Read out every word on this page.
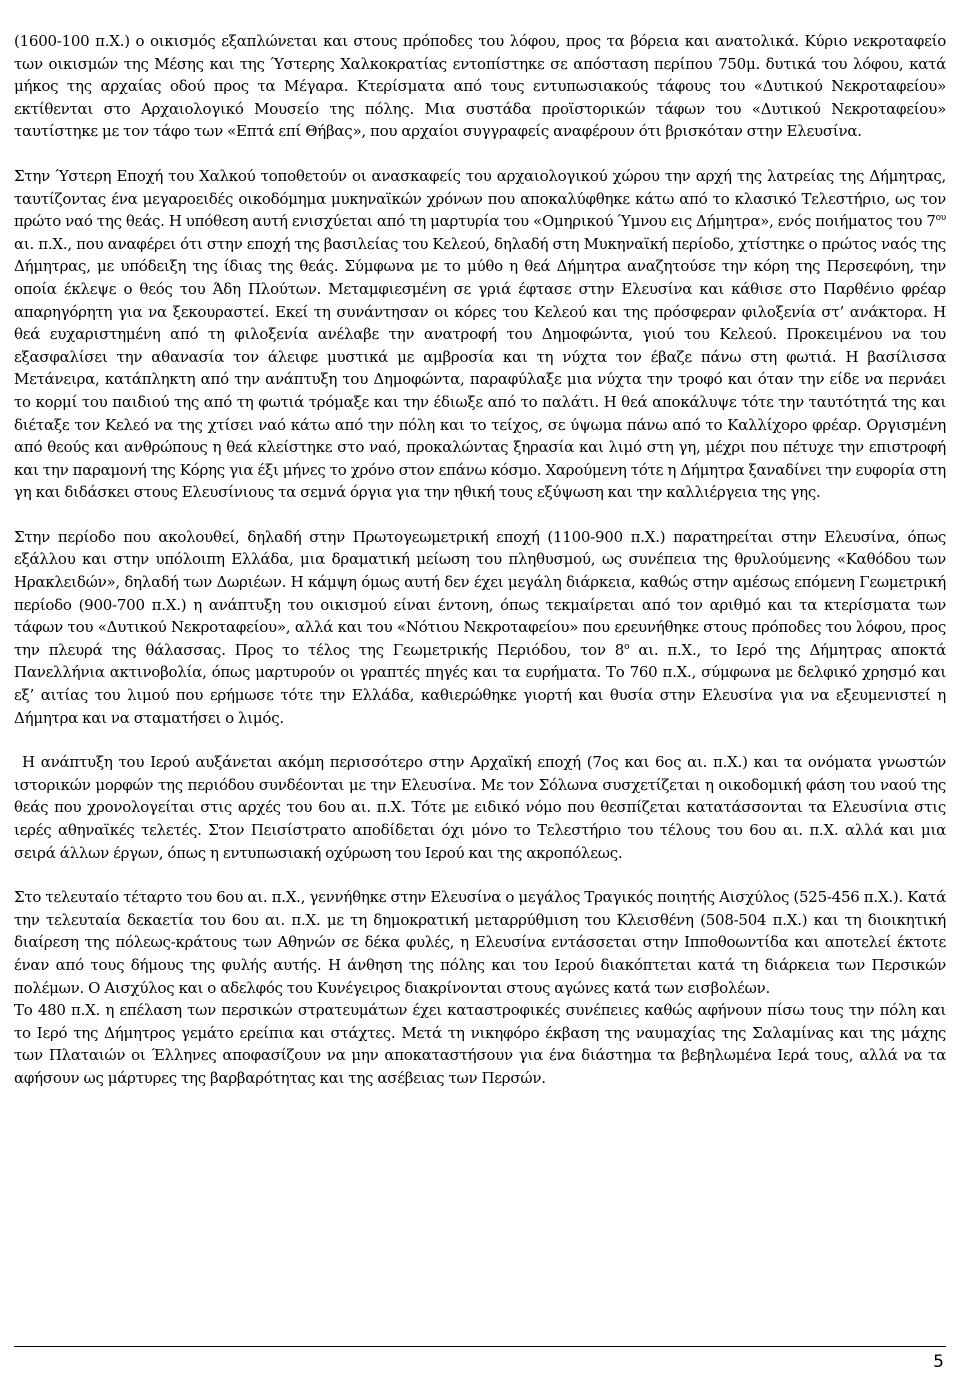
(1600-100 π.Χ.) ο οικισμός εξαπλώνεται και στους πρόποδες του λόφου, προς τα βόρεια και ανατολικά. Κύριο νεκροταφείο των οικισμών της Μέσης και της Ύστερης Χαλκοκρατίας εντοπίστηκε σε απόσταση περίπου 750μ. δυτικά του λόφου, κατά μήκος της αρχαίας οδού προς τα Μέγαρα. Κτερίσματα από τους εντυπωσιακούς τάφους του «Δυτικού Νεκροταφείου» εκτίθενται στο Αρχαιολογικό Μουσείο της πόλης. Μια συστάδα προϊστορικών τάφων του «Δυτικού Νεκροταφείου» ταυτίστηκε με τον τάφο των «Επτά επί Θήβας», που αρχαίοι συγγραφείς αναφέρουν ότι βρισκόταν στην Ελευσίνα.

Στην Ύστερη Εποχή του Χαλκού τοποθετούν οι ανασκαφείς του αρχαιολογικού χώρου την αρχή της λατρείας της Δήμητρας, ταυτίζοντας ένα μεγαροειδές οικοδόμημα μυκηναϊκών χρόνων που αποκαλύφθηκε κάτω από το κλασικό Τελεστήριο, ως τον πρώτο ναό της θεάς. Η υπόθεση αυτή ενισχύεται από τη μαρτυρία του «Ομηρικού Ύμνου εις Δήμητρα», ενός ποιήματος του $7^{o\upsilon}$ αι. π.Χ., που αναφέρει ότι στην εποχή της βασιλείας του Κελεού, δηλαδή στη Μυκηναϊκή περίοδο, χτίστηκε ο πρώτος ναός της Δήμητρας, με υπόδειξη της ίδιας της θεάς. Σύμφωνα με το μύθο η θεά Δήμητρα αναζητούσε την κόρη της Περσεφόνη, την οποία έκλεψε ο θεός του Άδη Πλούτων. Μεταμφιεσμένη σε γριά έφτασε στην Ελευσίνα και κάθισε στο Παρθένιο φρέαρ απαρηγόρητη για να ξεκουραστεί. Εκεί τη συνάντησαν οι κόρες του Κελεού και της πρόσφεραν φιλοξενία στ’ ανάκτορα. Η θεά ευχαριστημένη από τη φιλοξενία ανέλαβε την ανατροφή του Δημοφώντα, γιού του Κελεού. Προκειμένου να του εξασφαλίσει την αθανασία τον άλειφε μυστικά με αμβροσία και τη νύχτα τον έβαζε πάνω στη φωτιά. Η βασίλισσα Μετάνειρα, κατάπληκτη από την ανάπτυξη του Δημοφώντα, παραφύλαξε μια νύχτα την τροφό και όταν την είδε να περνάει το κορμί του παιδιού της από τη φωτιά τρόμαξε και την έδιωξε από το παλάτι. Η θεά αποκάλυψε τότε την ταυτότητά της και διέταξε τον Κελεό να της χτίσει ναό κάτω από την πόλη και το τείχος, σε ύψωμα πάνω από το Καλλίχορο φρέαρ. Οργισμένη από θεούς και ανθρώπους η θεά κλείστηκε στο ναό, προκαλώντας ξηρασία και λιμό στη γη, μέχρι που πέτυχε την επιστροφή και την παραμονή της Κόρης για έξι μήνες το χρόνο στον επάνω κόσμο. Χαρούμενη τότε η Δήμητρα ξαναδίνει την ευφορία στη γη και διδάσκει στους Ελευσίνιους τα σεμνά όργια για την ηθική τους εξύψωση και την καλλιέργεια της γης.

Στην περίοδο που ακολουθεί, δηλαδή στην Πρωτογεωμετρική εποχή (1100-900 π.Χ.) παρατηρείται στην Ελευσίνα, όπως εξάλλου και στην υπόλοιπη Ελλάδα, μια δραματική μείωση του πληθυσμού, ως συνέπεια της θρυλούμενης «Καθόδου των Ηρακλειδών», δηλαδή των Δωριέων. Η κάμψη όμως αυτή δεν έχει μεγάλη διάρκεια, καθώς στην αμέσως επόμενη Γεωμετρική περίοδο (900-700 π.Χ.) η ανάπτυξη του οικισμού είναι έντονη, όπως τεκμαίρεται από τον αριθμό και τα κτερίσματα των τάφων του «Δυτικού Νεκροταφείου», αλλά και του «Νότιου Νεκροταφείου» που ερευνήθηκε στους πρόποδες του λόφου, προς την πλευρά της θάλασσας. Προς το τέλος της Γεωμετρικής Περιόδου, τον $8^o$ αι. π.Χ., το Ιερό της Δήμητρας αποκτά Πανελλήνια ακτινοβολία, όπως μαρτυρούν οι γραπτές πηγές και τα ευρήματα. Το 760 π.Χ., σύμφωνα με δελφικό χρησμό και εξ’ αιτίας του λιμού που ερήμωσε τότε την Ελλάδα, καθιερώθηκε γιορτή και θυσία στην Ελευσίνα για να εξευμενιστεί η Δήμητρα και να σταματήσει ο λιμός.

Η ανάπτυξη του Ιερού αυξάνεται ακόμη περισσότερο στην Αρχαϊκή εποχή (7ος και 6ος αι. π.Χ.) και τα ονόματα γνωστών ιστορικών μορφών της περιόδου συνδέονται με την Ελευσίνα. Με τον Σόλωνα συσχετίζεται η οικοδομική φάση του ναού της θεάς που χρονολογείται στις αρχές του 6ου αι. π.Χ. Τότε με ειδικό νόμο που θεσπίζεται κατατάσσονται τα Ελευσίνια στις ιερές αθηναϊκές τελετές. Στον Πεισίστρατο αποδίδεται όχι μόνο το Τελεστήριο του τέλους του 6ου αι. π.Χ. αλλά και μια σειρά άλλων έργων, όπως η εντυπωσιακή οχύρωση του Ιερού και της ακροπόλεως.

Στο τελευταίο τέταρτο του 6ου αι. π.Χ., γεννήθηκε στην Ελευσίνα ο μεγάλος Τραγικός ποιητής Αισχύλος (525-456 π.Χ.). Κατά την τελευταία δεκαετία του 6ου αι. π.Χ. με τη δημοκρατική μεταρρύθμιση του Κλεισθένη (508-504 π.Χ.) και τη διοικητική διαίρεση της πόλεως-κράτους των Αθηνών σε δέκα φυλές, η Ελευσίνα εντάσσεται στην Ιπποθοωντίδα και αποτελεί έκτοτε έναν από τους δήμους της φυλής αυτής. Η άνθηση της πόλης και του Ιερού διακόπτεται κατά τη διάρκεια των Περσικών πολέμων. Ο Αισχύλος και ο αδελφός του Κυνέγειρος διακρίνονται στους αγώνες κατά των εισβολέων.

Το 480 π.Χ. η επέλαση των περσικών στρατευμάτων έχει καταστροφικές συνέπειες καθώς αφήνουν πίσω τους την πόλη και το Ιερό της Δήμητρος γεμάτο ερείπια και στάχτες. Μετά τη νικηφόρο έκβαση της ναυμαχίας της Σαλαμίνας και της μάχης των Πλαταιών οι Έλληνες αποφασίζουν να μην αποκαταστήσουν για ένα διάστημα τα βεβηλωμένα Ιερά τους, αλλά να τα αφήσουν ως μάρτυρες της βαρβαρότητας και της ασέβειας των Περσών.

5
